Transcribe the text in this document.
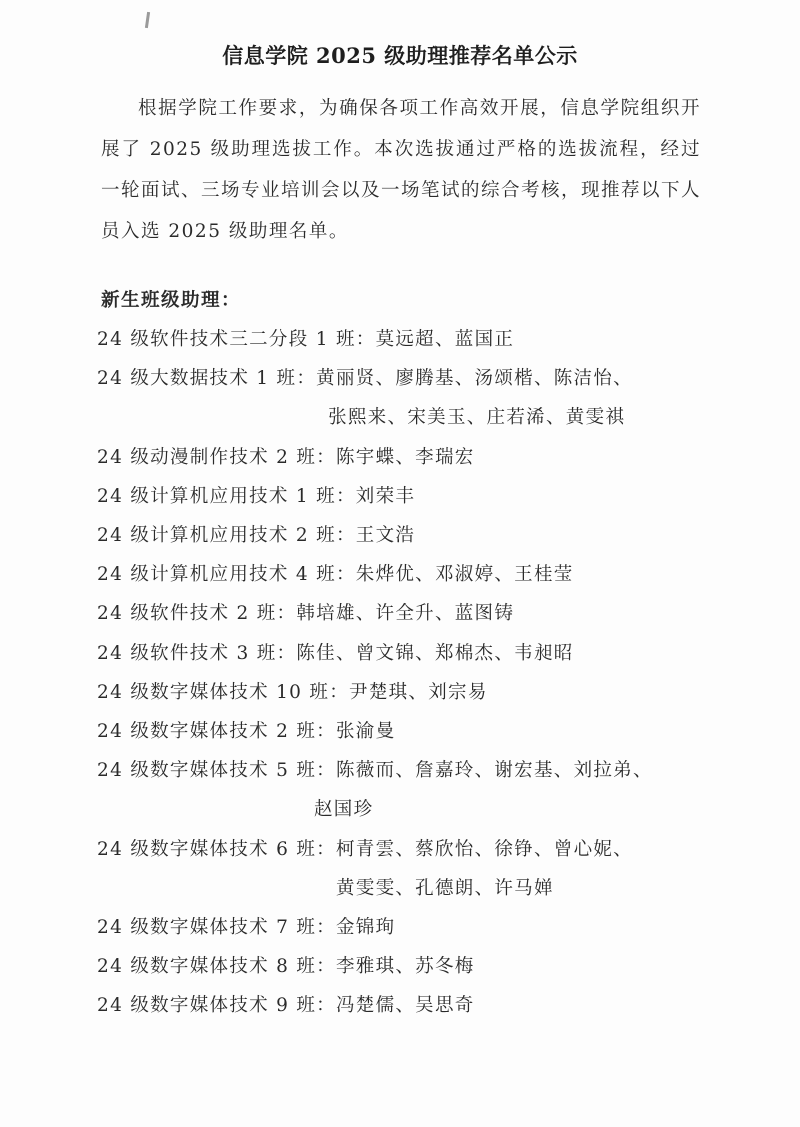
信息学院 2025 级助理推荐名单公示
根据学院工作要求，为确保各项工作高效开展，信息学院组织开展了 2025 级助理选拔工作。本次选拔通过严格的选拔流程，经过一轮面试、三场专业培训会以及一场笔试的综合考核，现推荐以下人员入选 2025 级助理名单。
新生班级助理：
24 级软件技术三二分段 1 班： 莫远超、蓝国正
24 级大数据技术 1 班： 黄丽贤、廖腾基、汤颂楷、陈洁怡、
张熙来、宋美玉、庄若浠、黄雯祺
24 级动漫制作技术 2 班： 陈宇蝶、李瑞宏
24 级计算机应用技术 1 班： 刘荣丰
24 级计算机应用技术 2 班： 王文浩
24 级计算机应用技术 4 班： 朱烨优、邓淑婷、王桂莹
24 级软件技术 2 班： 韩培雄、许全升、蓝图铸
24 级软件技术 3 班： 陈佳、曾文锦、郑棉杰、韦昶昭
24 级数字媒体技术 10 班： 尹楚琪、刘宗易
24 级数字媒体技术 2 班： 张渝曼
24 级数字媒体技术 5 班： 陈薇而、詹嘉玲、谢宏基、刘拉弟、
赵国珍
24 级数字媒体技术 6 班： 柯青雲、蔡欣怡、徐铮、曾心妮、
黄雯雯、孔德朗、许马婵
24 级数字媒体技术 7 班： 金锦珣
24 级数字媒体技术 8 班： 李雅琪、苏冬梅
24 级数字媒体技术 9 班： 冯楚儒、吴思奇
